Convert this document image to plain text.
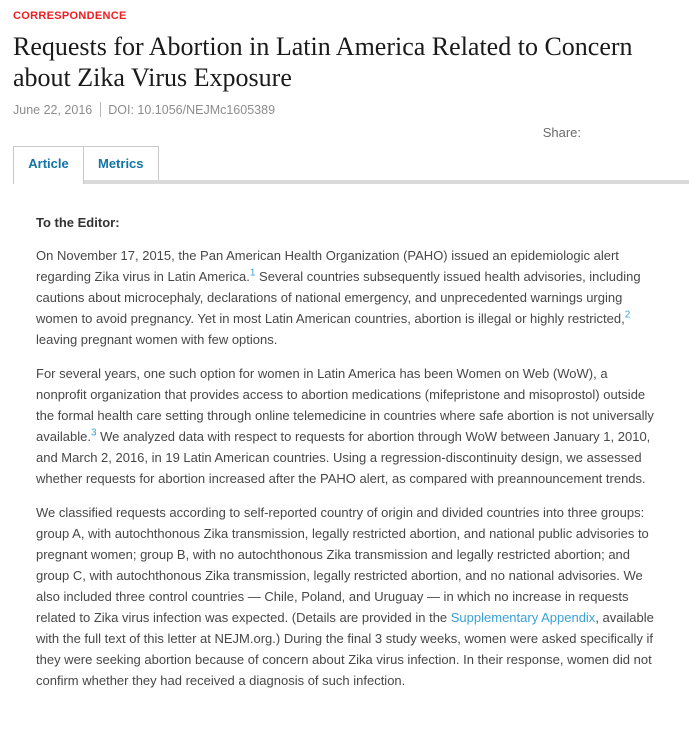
CORRESPONDENCE
Requests for Abortion in Latin America Related to Concern about Zika Virus Exposure
June 22, 2016 DOI: 10.1056/NEJMc1605389
Share:
Article	Metrics
To the Editor:

On November 17, 2015, the Pan American Health Organization (PAHO) issued an epidemiologic alert regarding Zika virus in Latin America.$^1$ Several countries subsequently issued health advisories, including cautions about microcephaly, declarations of national emergency, and unprecedented warnings urging women to avoid pregnancy. Yet in most Latin American countries, abortion is illegal or highly restricted,$^2$ leaving pregnant women with few options.

For several years, one such option for women in Latin America has been Women on Web (WoW), a nonprofit organization that provides access to abortion medications (mifepristone and misoprostol) outside the formal health care setting through online telemedicine in countries where safe abortion is not universally available.$^3$ We analyzed data with respect to requests for abortion through WoW between January 1, 2010, and March 2, 2016, in 19 Latin American countries. Using a regression-discontinuity design, we assessed whether requests for abortion increased after the PAHO alert, as compared with preannouncement trends.

We classified requests according to self-reported country of origin and divided countries into three groups: group A, with autochthonous Zika transmission, legally restricted abortion, and national public advisories to pregnant women; group B, with no autochthonous Zika transmission and legally restricted abortion; and group C, with autochthonous Zika transmission, legally restricted abortion, and no national advisories. We also included three control countries — Chile, Poland, and Uruguay — in which no increase in requests related to Zika virus infection was expected. (Details are provided in the Supplementary Appendix, available with the full text of this letter at NEJM.org.) During the final 3 study weeks, women were asked specifically if they were seeking abortion because of concern about Zika virus infection. In their response, women did not confirm whether they had received a diagnosis of such infection.
